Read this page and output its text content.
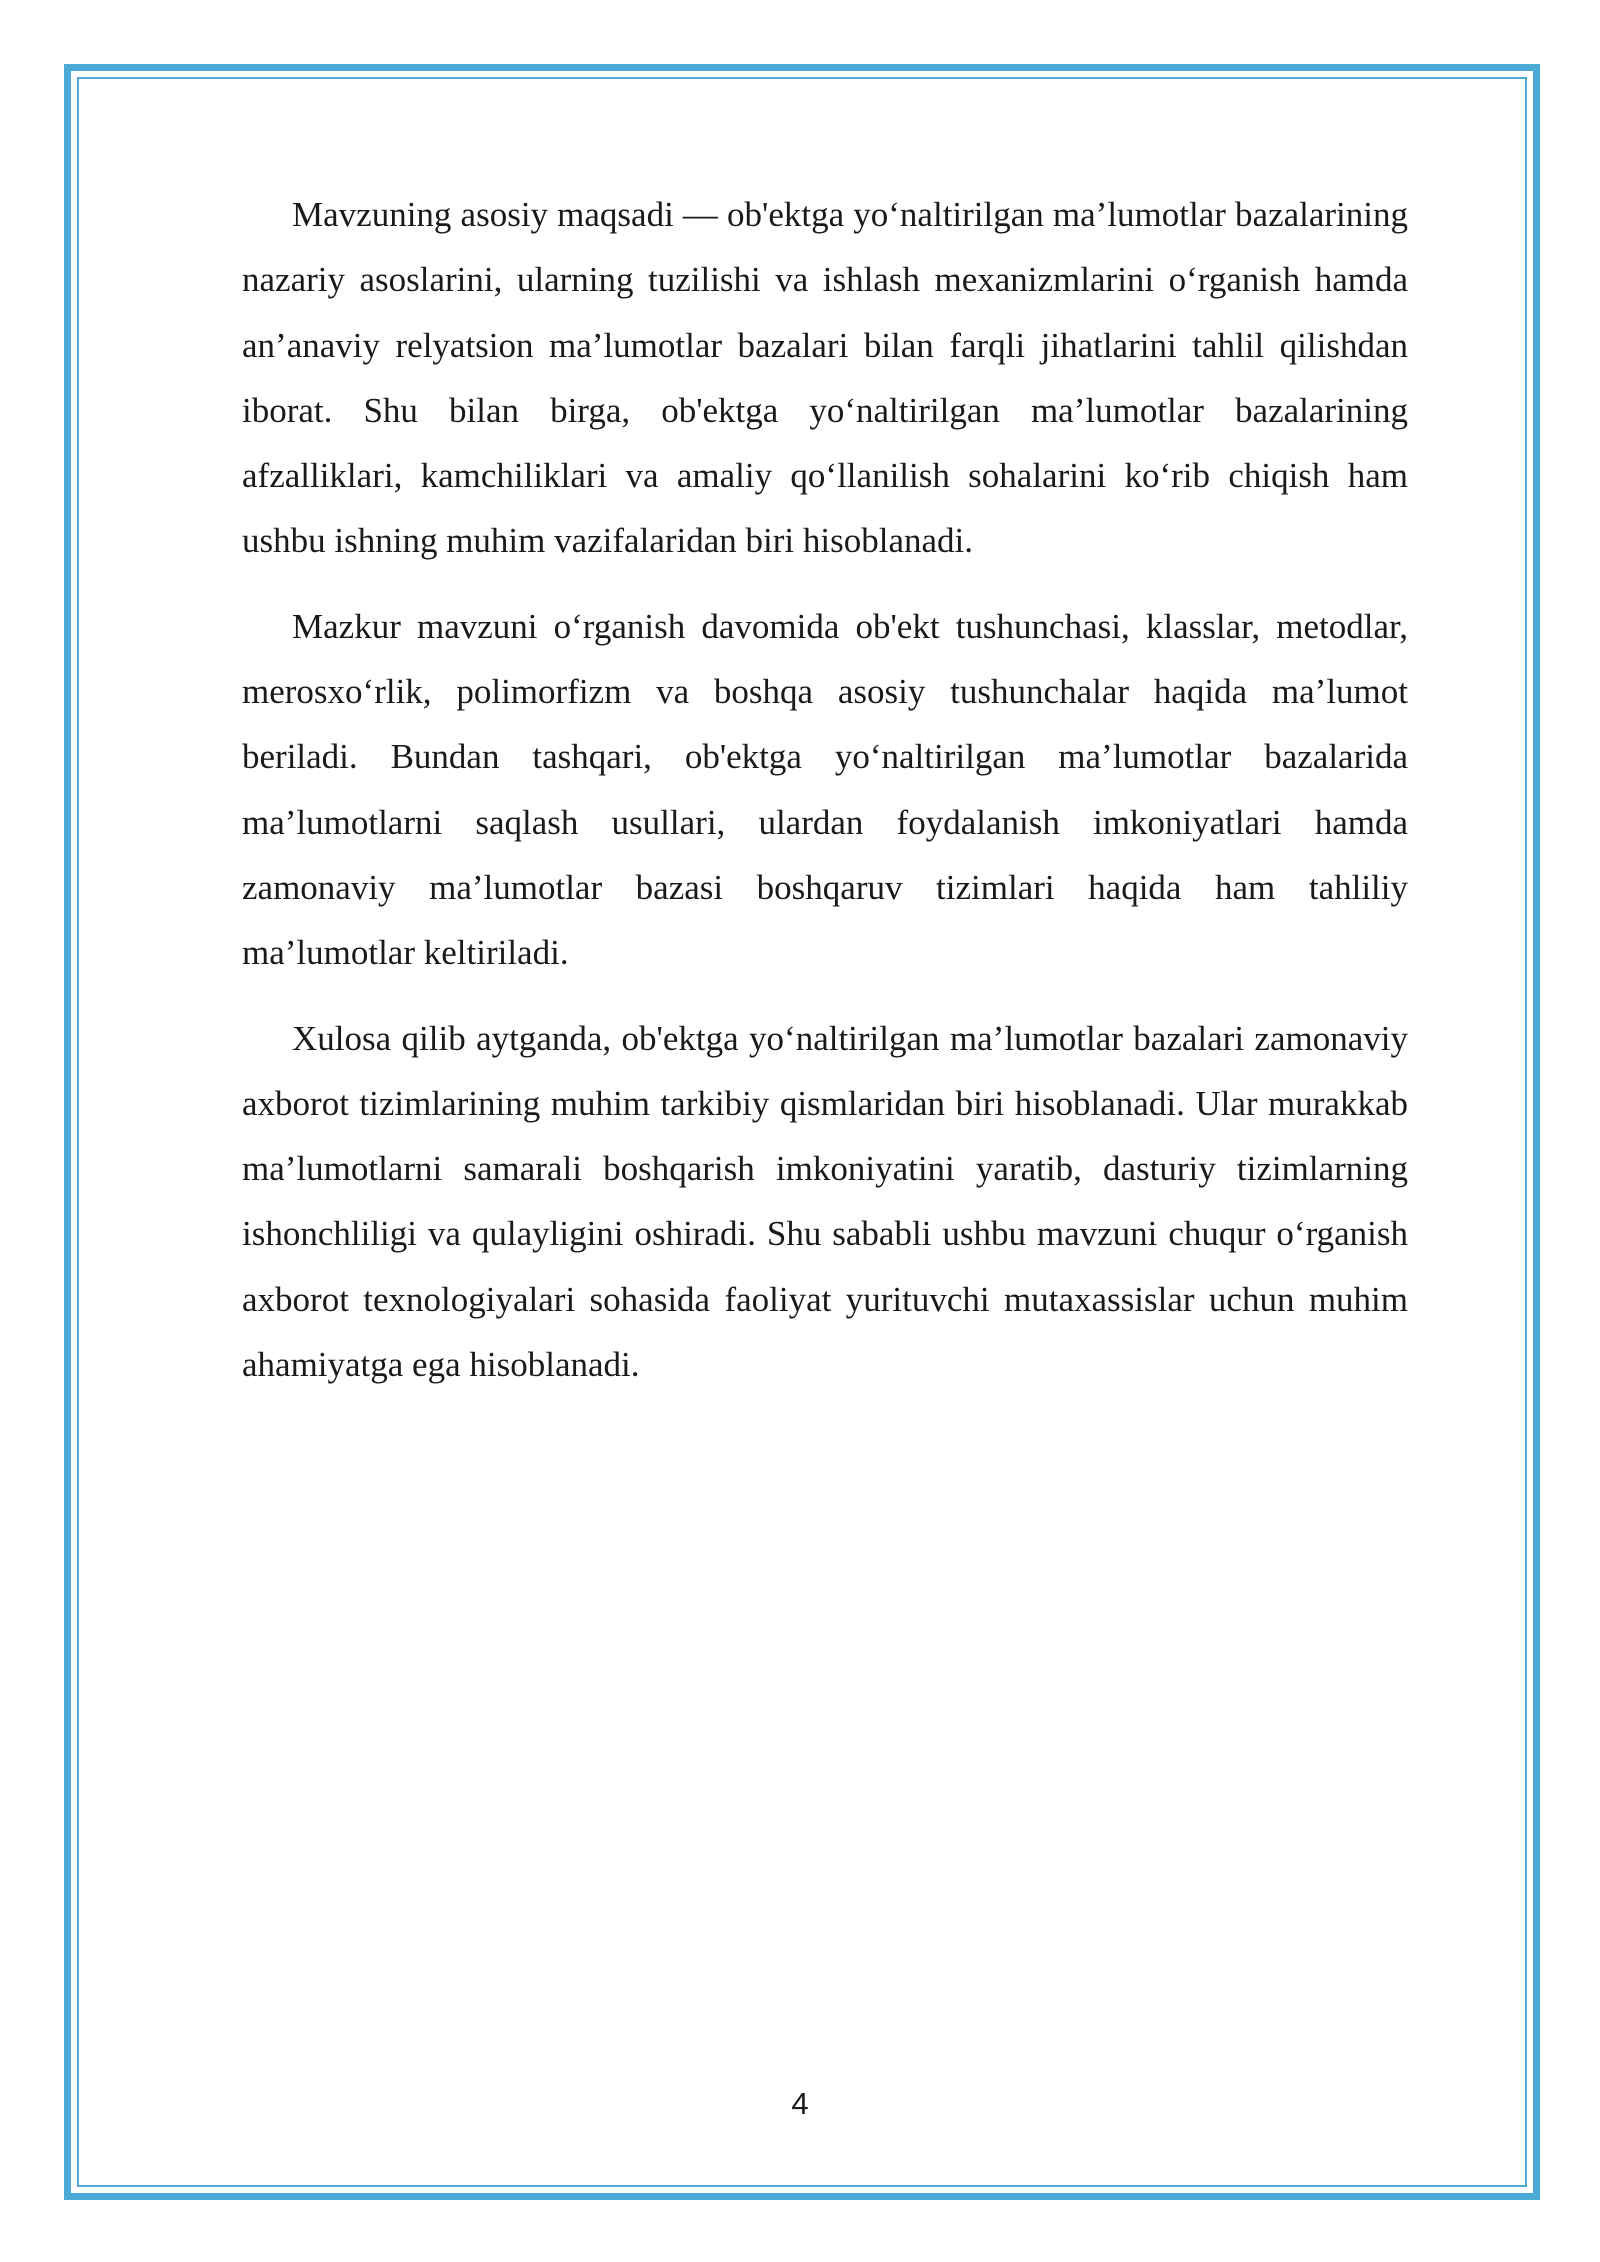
Mavzuning asosiy maqsadi — ob'ektga yo‘naltirilgan ma’lumotlar bazalarining nazariy asoslarini, ularning tuzilishi va ishlash mexanizmlarini o‘rganish hamda an’anaviy relyatsion ma’lumotlar bazalari bilan farqli jihatlarini tahlil qilishdan iborat. Shu bilan birga, ob'ektga yo‘naltirilgan ma’lumotlar bazalarining afzalliklari, kamchiliklari va amaliy qo‘llanilish sohalarini ko‘rib chiqish ham ushbu ishning muhim vazifalaridan biri hisoblanadi.

Mazkur mavzuni o‘rganish davomida ob'ekt tushunchasi, klasslar, metodlar, merosxo‘rlik, polimorfizm va boshqa asosiy tushunchalar haqida ma’lumot beriladi. Bundan tashqari, ob'ektga yo‘naltirilgan ma’lumotlar bazalarida ma’lumotlarni saqlash usullari, ulardan foydalanish imkoniyatlari hamda zamonaviy ma’lumotlar bazasi boshqaruv tizimlari haqida ham tahliliy ma’lumotlar keltiriladi.

Xulosa qilib aytganda, ob'ektga yo‘naltirilgan ma’lumotlar bazalari zamonaviy axborot tizimlarining muhim tarkibiy qismlaridan biri hisoblanadi. Ular murakkab ma’lumotlarni samarali boshqarish imkoniyatini yaratib, dasturiy tizimlarning ishonchliligi va qulayligini oshiradi. Shu sababli ushbu mavzuni chuqur o‘rganish axborot texnologiyalari sohasida faoliyat yurituvchi mutaxassislar uchun muhim ahamiyatga ega hisoblanadi.

4
